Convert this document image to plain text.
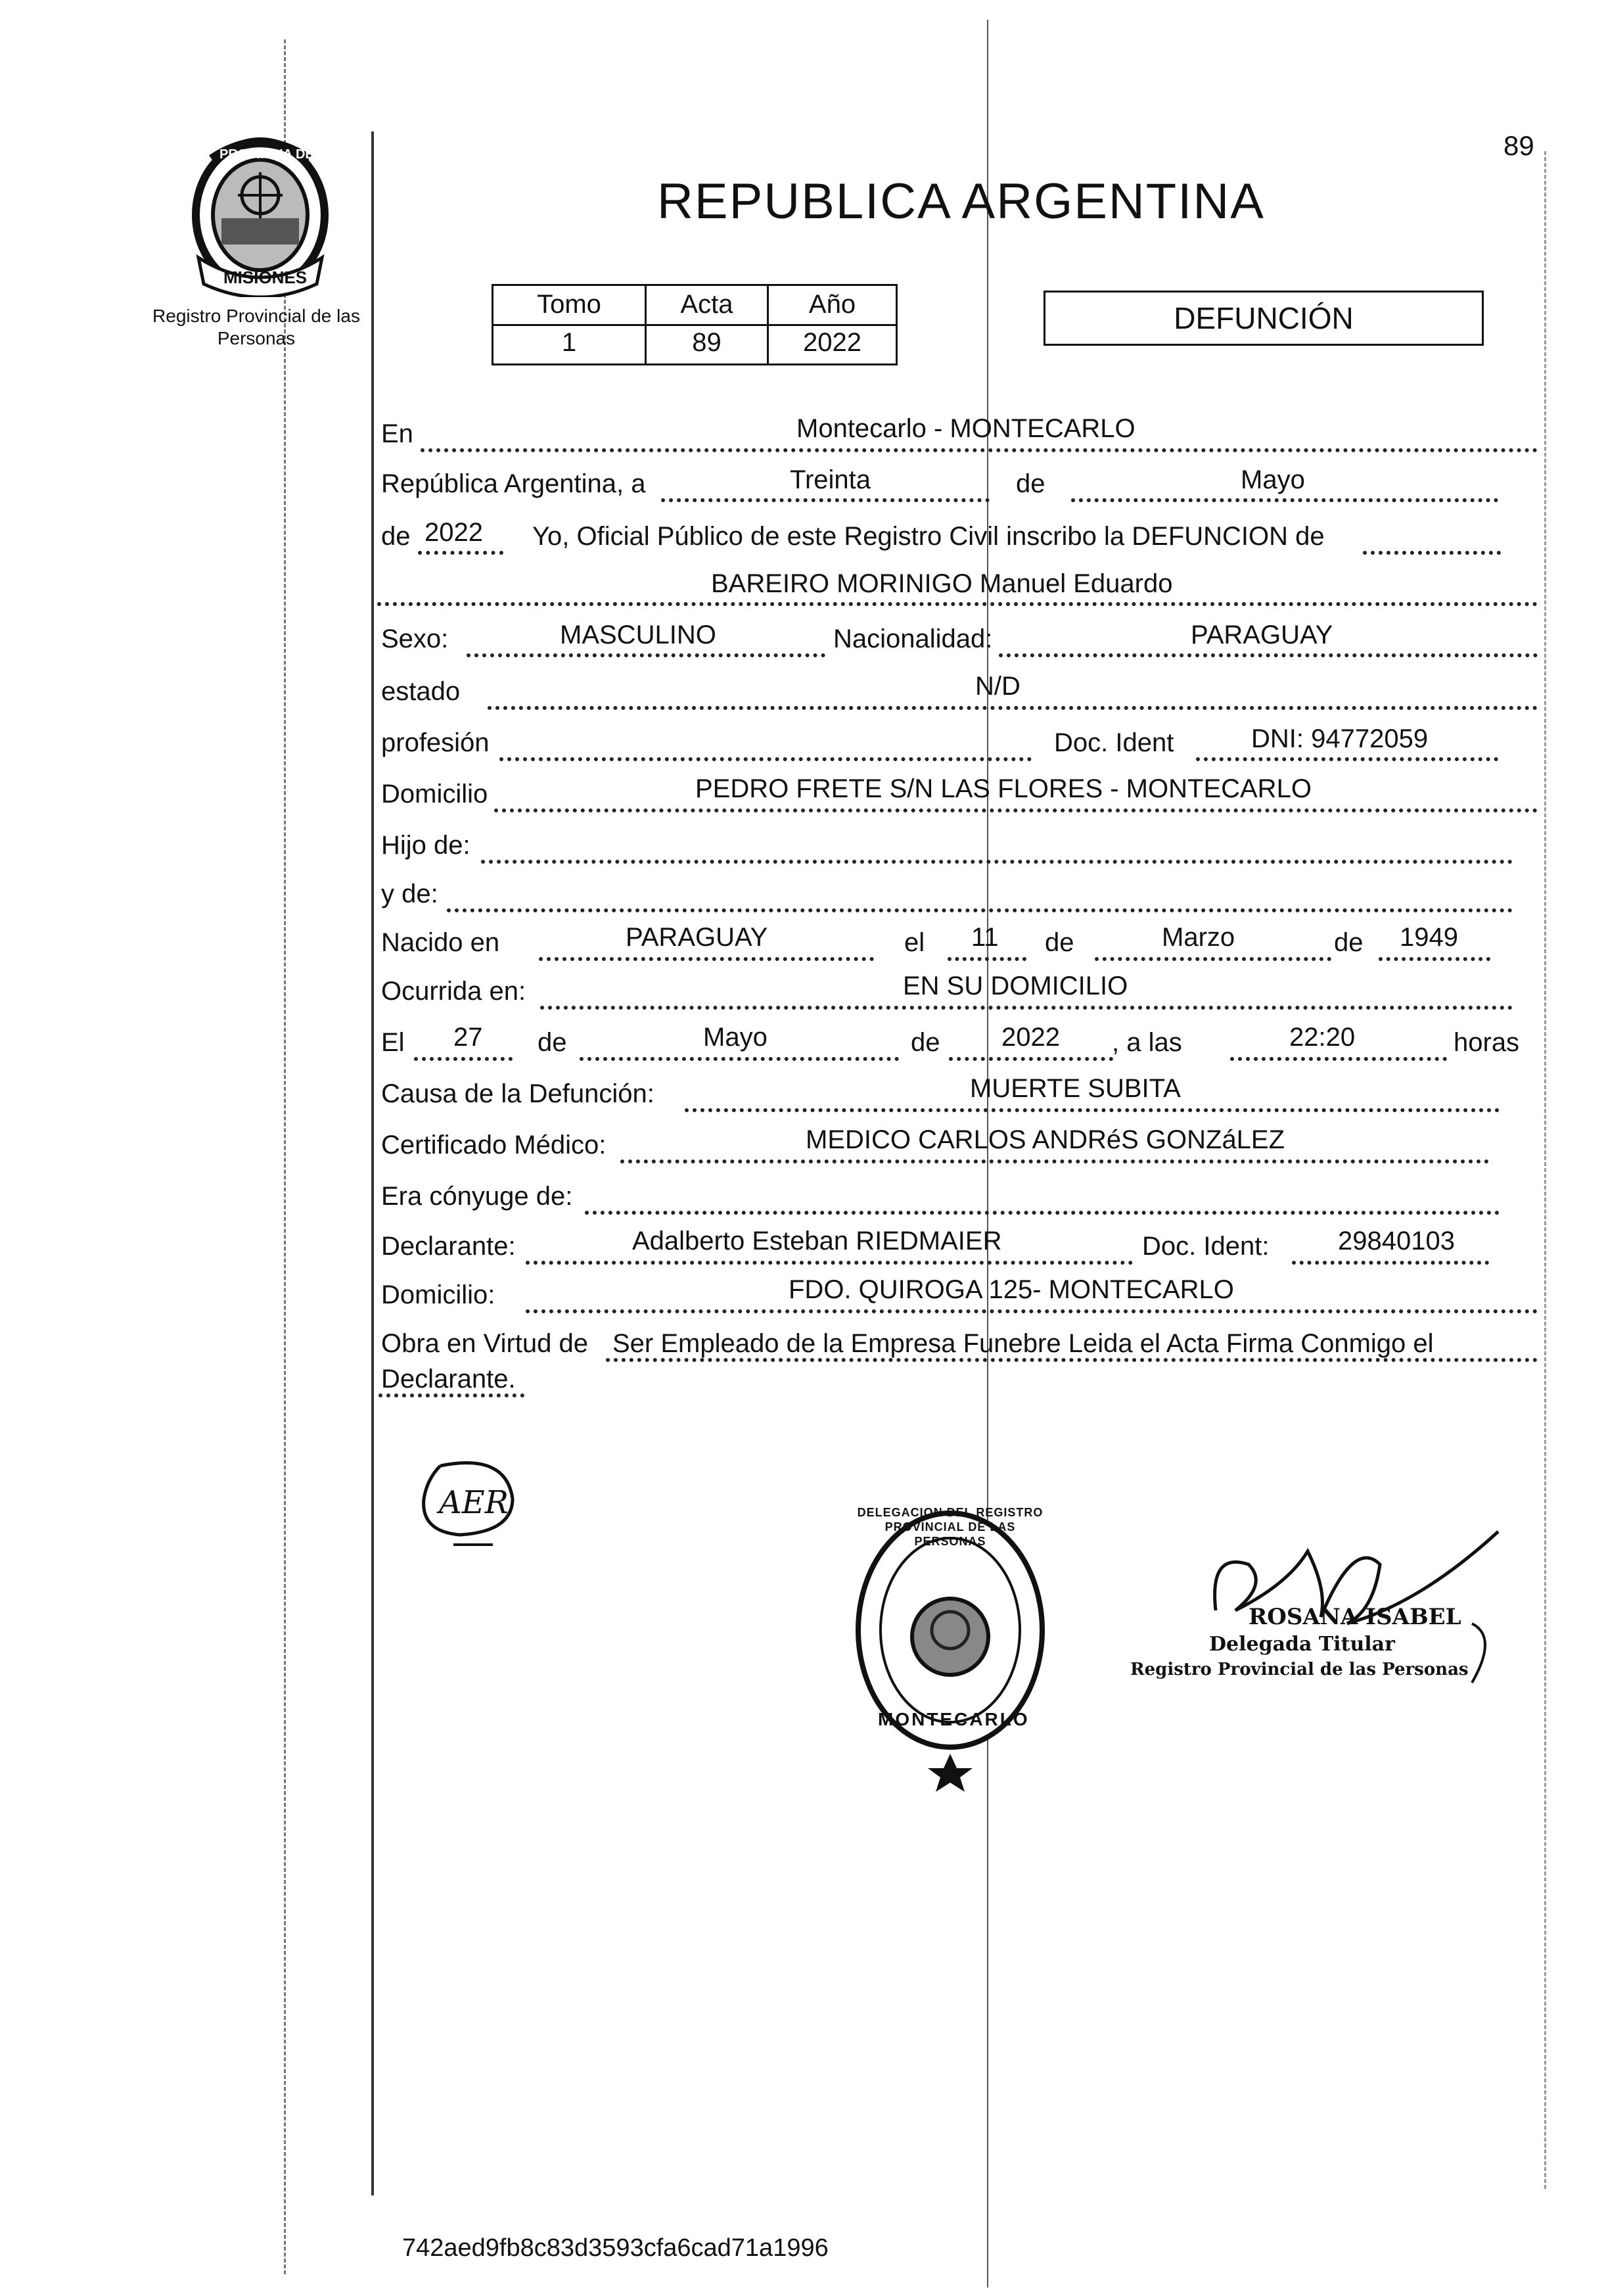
89
PROVINCIA DE
MISIONES
Registro Provincial de las Personas
REPUBLICA ARGENTINA
Tomo	Acta	Año
1	89	2022
DEFUNCIÓN
En	Montecarlo - MONTECARLO
República Argentina, a	Treinta	de	Mayo
de 2022 Yo, Oficial Público de este Registro Civil inscribo la DEFUNCION de
BAREIRO MORINIGO Manuel Eduardo
Sexo:	MASCULINO	Nacionalidad:	PARAGUAY
estado	N/D
profesión	Doc. Ident	DNI: 94772059
Domicilio	PEDRO FRETE S/N LAS FLORES - MONTECARLO
Hijo de:
y de:
Nacido en	PARAGUAY	el 11 de	Marzo	de 1949
Ocurrida en:	EN SU DOMICILIO
El 27 de	Mayo	de 2022 , a las	22:20	horas
Causa de la Defunción:	MUERTE SUBITA
Certificado Médico:	MEDICO CARLOS ANDRéS GONZáLEZ
Era cónyuge de:
Declarante:	Adalberto Esteban RIEDMAIER	Doc. Ident:	29840103
Domicilio:	FDO. QUIROGA 125- MONTECARLO
Obra en Virtud de Ser Empleado de la Empresa Funebre Leida el Acta Firma Conmigo el
Declarante.
AER	DELEGACION DEL REGISTRO PROVINCIAL DE LAS PERSONAS
MONTECARLO
ROSANA ISABEL
Delegada Titular
Registro Provincial de las Personas
742aed9fb8c83d3593cfa6cad71a1996
